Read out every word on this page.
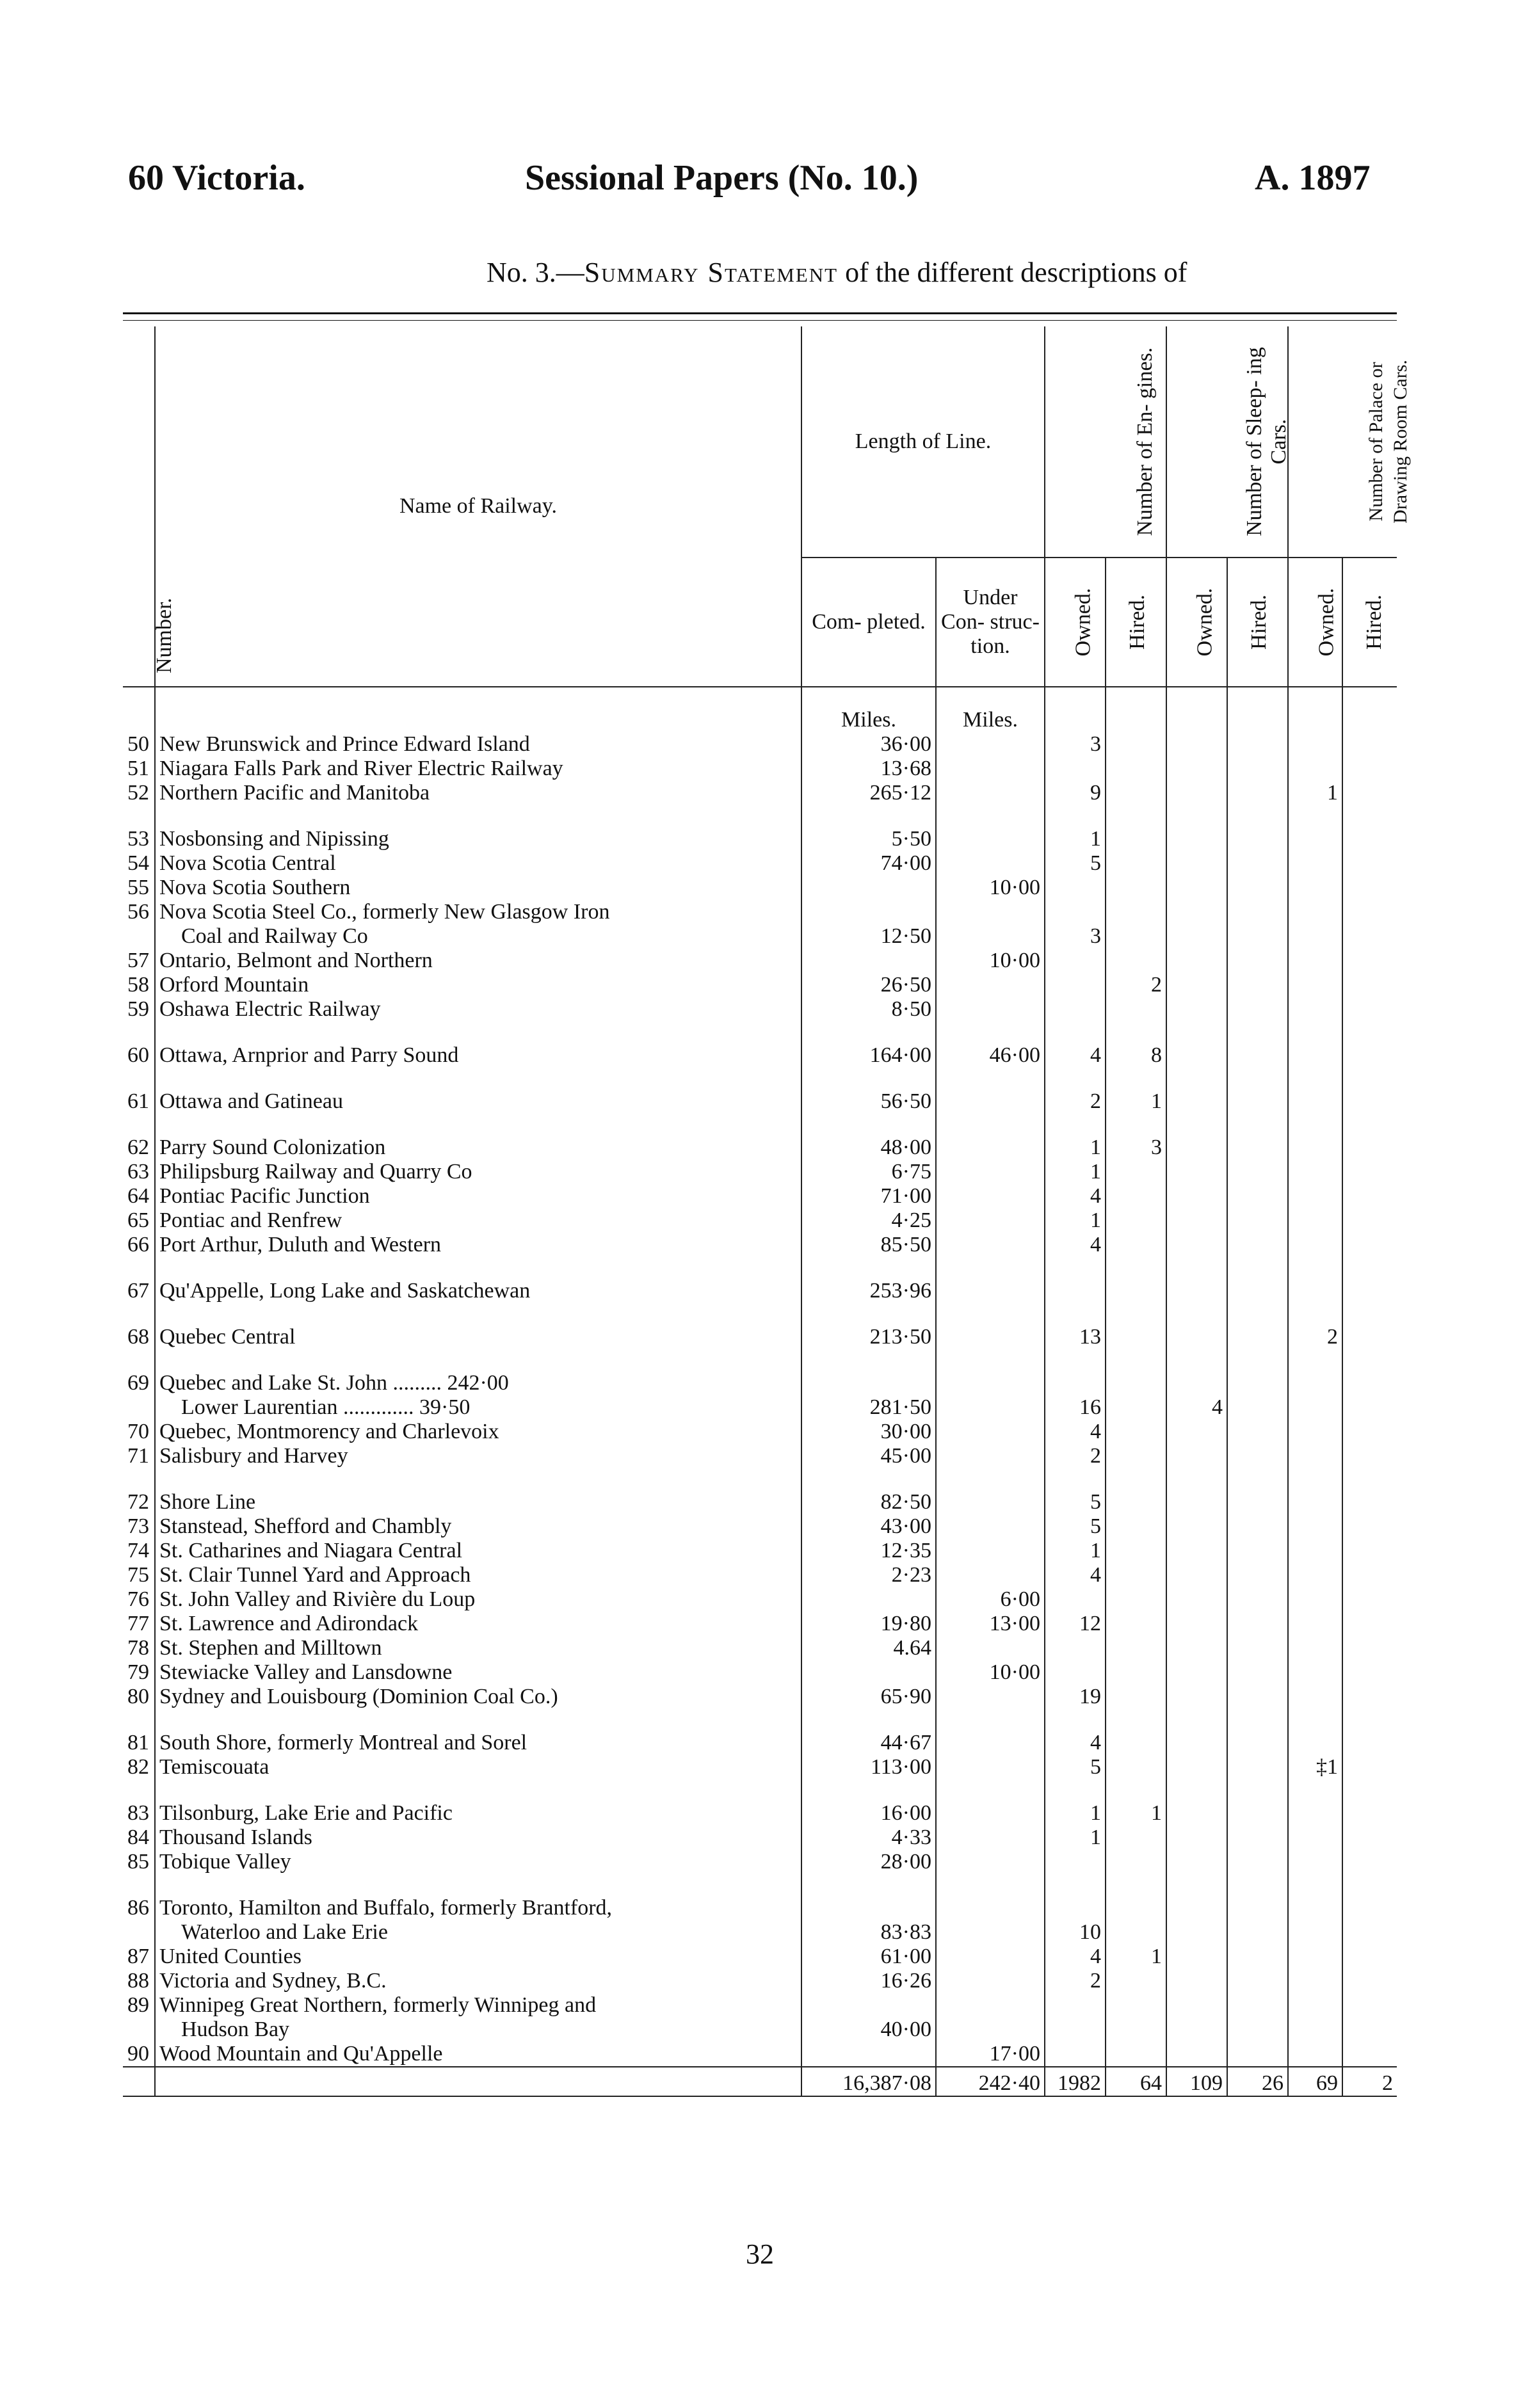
60 Victoria.	Sessional Papers (No. 10.)	A. 1897
No. 3.—Summary Statement of the different descriptions of
Number.	Name of Railway.	Length of Line.		Number of En- gines.		Number of Sleep- ing Cars.		Number of Palace or Drawing Room Cars.	
		Com- pleted.	Under Con- struc- tion.	Owned.	Hired.	Owned.	Hired.	Owned.	Hired.
		Miles.	Miles.						
50	New Brunswick and Prince Edward Island	36·00		3					
51	Niagara Falls Park and River Electric Railway	13·68							
52	Northern Pacific and Manitoba	265·12		9				1	

53	Nosbonsing and Nipissing	5·50		1					
54	Nova Scotia Central	74·00		5					
55	Nova Scotia Southern		10·00						
56	Nova Scotia Steel Co., formerly New Glasgow Iron								
	Coal and Railway Co	12·50		3					
57	Ontario, Belmont and Northern		10·00						
58	Orford Mountain	26·50			2				
59	Oshawa Electric Railway	8·50							

60	Ottawa, Arnprior and Parry Sound	164·00	46·00	4	8				

61	Ottawa and Gatineau	56·50		2	1				

62	Parry Sound Colonization	48·00		1	3				
63	Philipsburg Railway and Quarry Co	6·75		1					
64	Pontiac Pacific Junction	71·00		4					
65	Pontiac and Renfrew	4·25		1					
66	Port Arthur, Duluth and Western	85·50		4					

67	Qu'Appelle, Long Lake and Saskatchewan	253·96							

68	Quebec Central	213·50		13				2	

69	Quebec and Lake St. John ......... 242·00								
	Lower Laurentian ............. 39·50	281·50		16		4			
70	Quebec, Montmorency and Charlevoix	30·00		4					
71	Salisbury and Harvey	45·00		2					

72	Shore Line	82·50		5					
73	Stanstead, Shefford and Chambly	43·00		5					
74	St. Catharines and Niagara Central	12·35		1					
75	St. Clair Tunnel Yard and Approach	2·23		4					
76	St. John Valley and Rivière du Loup		6·00						
77	St. Lawrence and Adirondack	19·80	13·00	12					
78	St. Stephen and Milltown	4.64							
79	Stewiacke Valley and Lansdowne		10·00						
80	Sydney and Louisbourg (Dominion Coal Co.)	65·90		19					

81	South Shore, formerly Montreal and Sorel	44·67		4					
82	Temiscouata	113·00		5				‡1	

83	Tilsonburg, Lake Erie and Pacific	16·00		1	1				
84	Thousand Islands	4·33		1					
85	Tobique Valley	28·00							

86	Toronto, Hamilton and Buffalo, formerly Brantford,								
	Waterloo and Lake Erie	83·83		10					
87	United Counties	61·00		4	1				
88	Victoria and Sydney, B.C.	16·26		2					
89	Winnipeg Great Northern, formerly Winnipeg and								
	Hudson Bay	40·00							
90	Wood Mountain and Qu'Appelle		17·00						
		16,387·08	242·40	1982	64	109	26	69	2
32
